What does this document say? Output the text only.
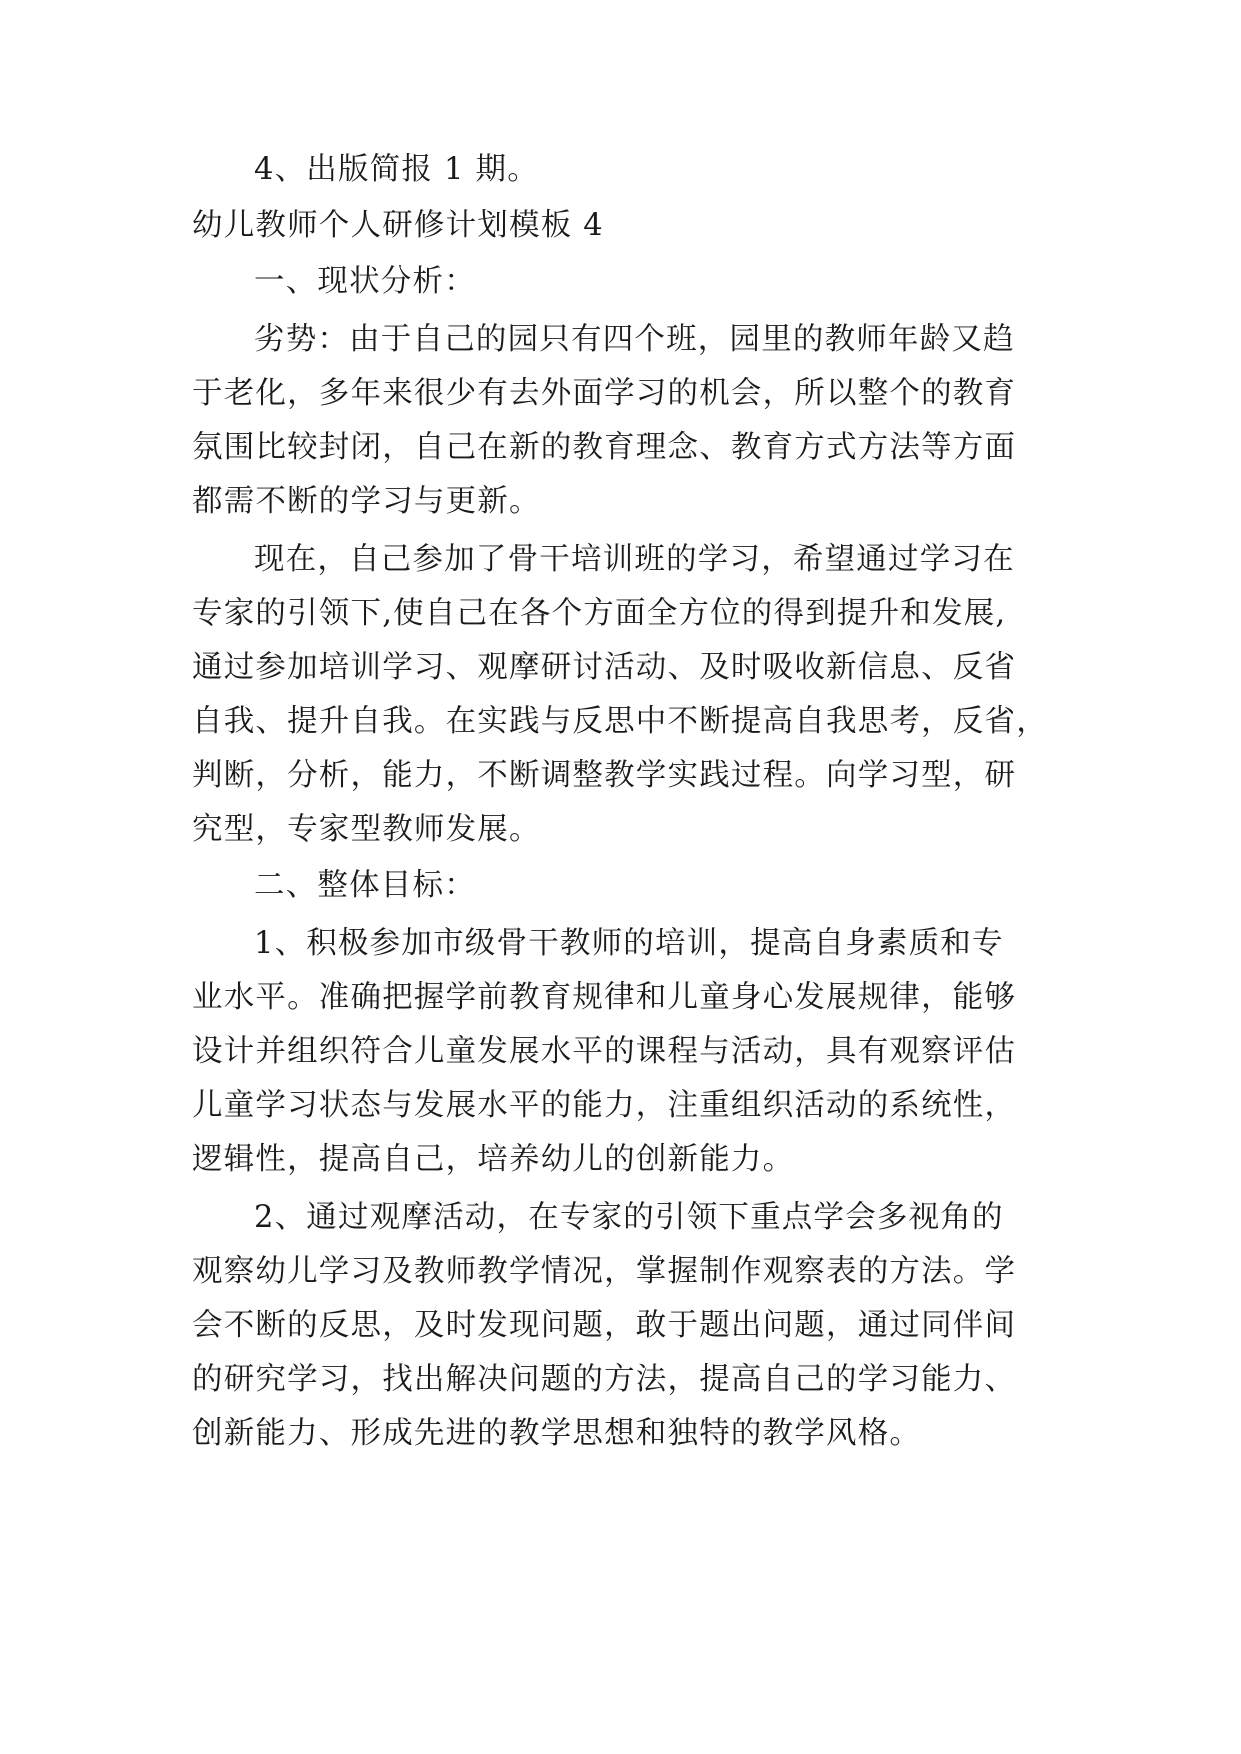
4、出版简报 1 期。
幼儿教师个人研修计划模板 4
一、现状分析：
劣势：由于自己的园只有四个班，园里的教师年龄又趋
于老化，多年来很少有去外面学习的机会，所以整个的教育
氛围比较封闭，自己在新的教育理念、教育方式方法等方面
都需不断的学习与更新。
现在，自己参加了骨干培训班的学习，希望通过学习在
专家的引领下,使自己在各个方面全方位的得到提升和发展,
通过参加培训学习、观摩研讨活动、及时吸收新信息、反省
自我、提升自我。在实践与反思中不断提高自我思考，反省，
判断，分析，能力，不断调整教学实践过程。向学习型，研
究型，专家型教师发展。
二、整体目标：
1、积极参加市级骨干教师的培训，提高自身素质和专
业水平。准确把握学前教育规律和儿童身心发展规律，能够
设计并组织符合儿童发展水平的课程与活动，具有观察评估
儿童学习状态与发展水平的能力，注重组织活动的系统性，
逻辑性，提高自己，培养幼儿的创新能力。
2、通过观摩活动，在专家的引领下重点学会多视角的
观察幼儿学习及教师教学情况，掌握制作观察表的方法。学
会不断的反思，及时发现问题，敢于题出问题，通过同伴间
的研究学习，找出解决问题的方法，提高自己的学习能力、
创新能力、形成先进的教学思想和独特的教学风格。
